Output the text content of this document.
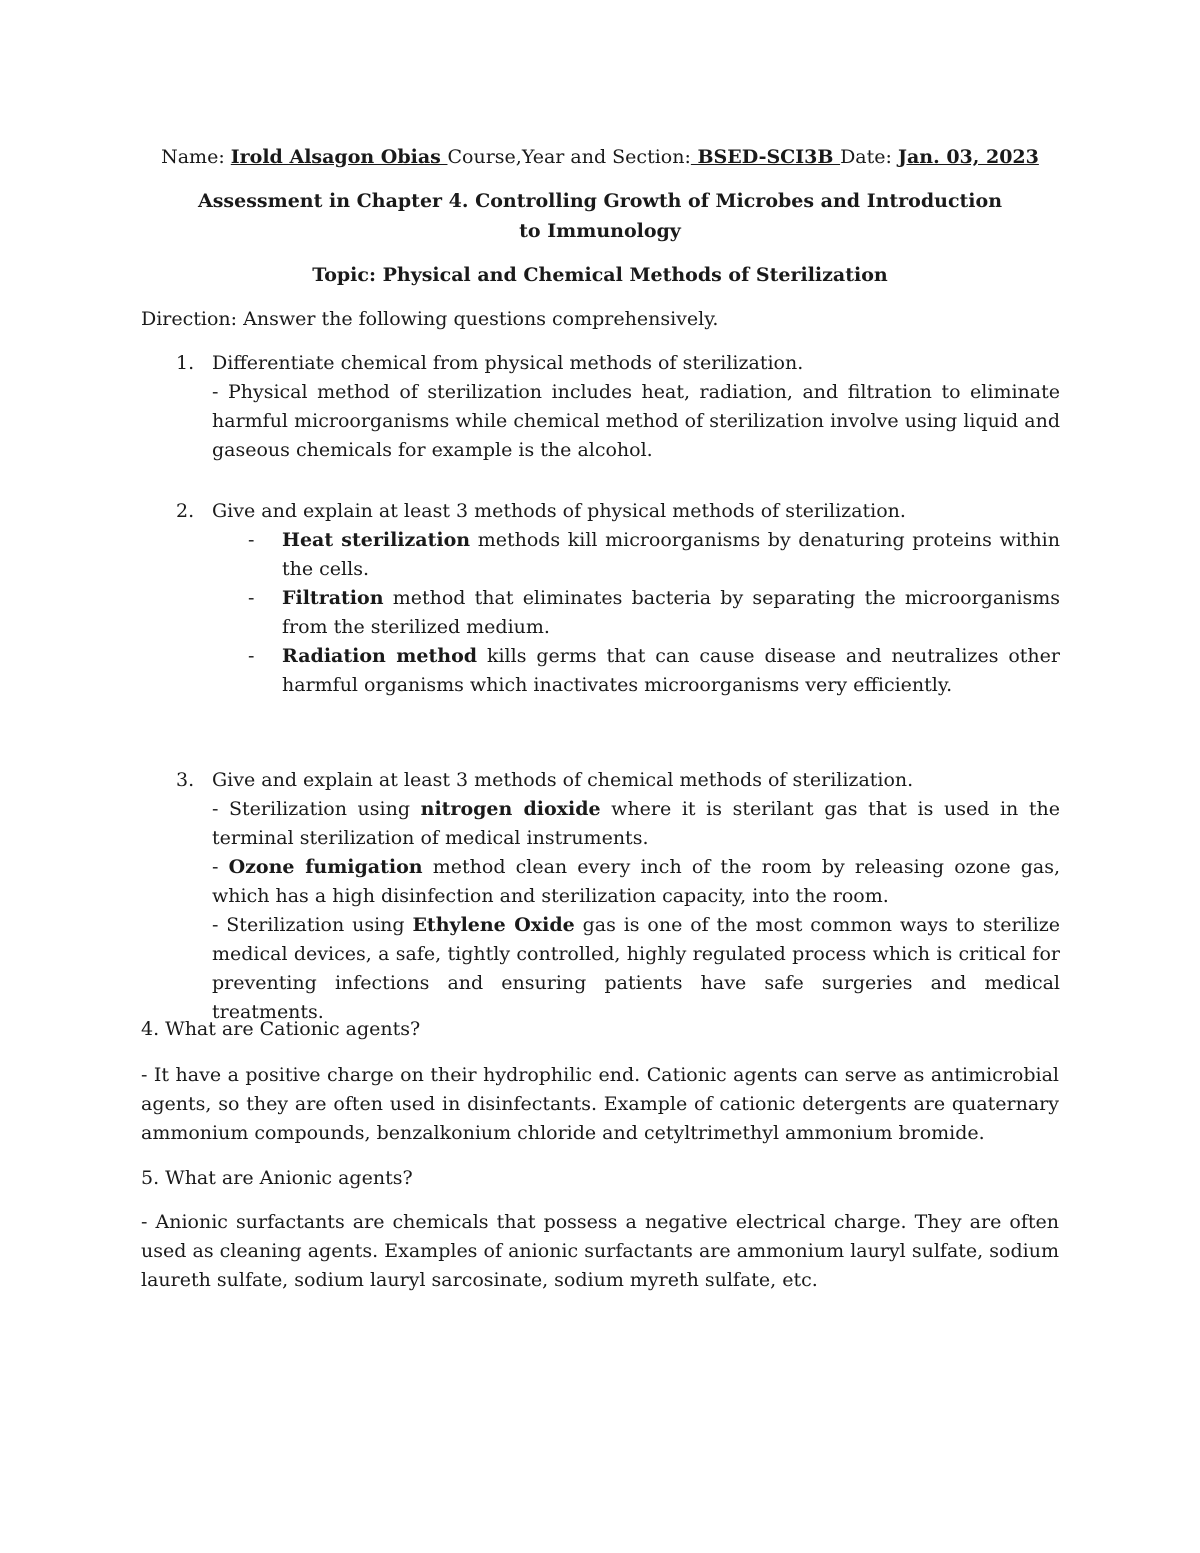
Name: Irold Alsagon Obias Course,Year and Section: BSED-SCI3B Date: Jan. 03, 2023
Assessment in Chapter 4. Controlling Growth of Microbes and Introduction to Immunology
Topic: Physical and Chemical Methods of Sterilization
Direction: Answer the following questions comprehensively.
1. Differentiate chemical from physical methods of sterilization.
- Physical method of sterilization includes heat, radiation, and filtration to eliminate harmful microorganisms while chemical method of sterilization involve using liquid and gaseous chemicals for example is the alcohol.
2. Give and explain at least 3 methods of physical methods of sterilization.
- Heat sterilization methods kill microorganisms by denaturing proteins within the cells.
- Filtration method that eliminates bacteria by separating the microorganisms from the sterilized medium.
- Radiation method kills germs that can cause disease and neutralizes other harmful organisms which inactivates microorganisms very efficiently.
3. Give and explain at least 3 methods of chemical methods of sterilization.
- Sterilization using nitrogen dioxide where it is sterilant gas that is used in the terminal sterilization of medical instruments.
- Ozone fumigation method clean every inch of the room by releasing ozone gas, which has a high disinfection and sterilization capacity, into the room.
- Sterilization using Ethylene Oxide gas is one of the most common ways to sterilize medical devices, a safe, tightly controlled, highly regulated process which is critical for preventing infections and ensuring patients have safe surgeries and medical treatments.
4. What are Cationic agents?
- It have a positive charge on their hydrophilic end. Cationic agents can serve as antimicrobial agents, so they are often used in disinfectants. Example of cationic detergents are quaternary ammonium compounds, benzalkonium chloride and cetyltrimethyl ammonium bromide.
5. What are Anionic agents?
- Anionic surfactants are chemicals that possess a negative electrical charge. They are often used as cleaning agents. Examples of anionic surfactants are ammonium lauryl sulfate, sodium laureth sulfate, sodium lauryl sarcosinate, sodium myreth sulfate, etc.
